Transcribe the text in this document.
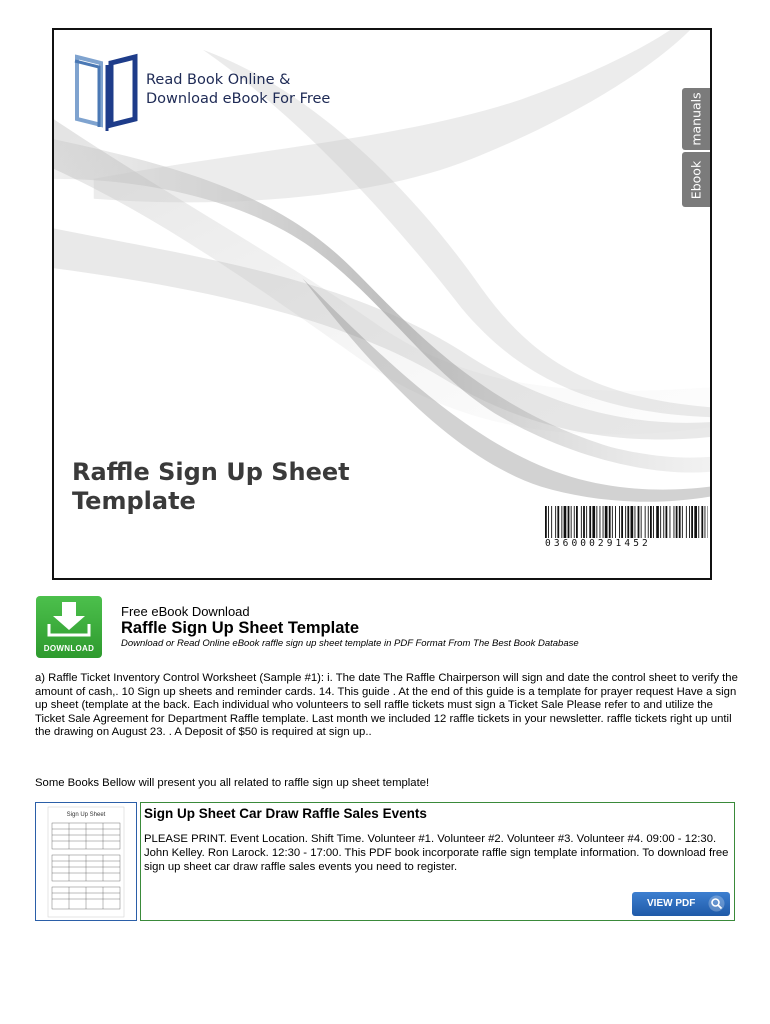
Read Book Online &
Download eBook For Free	manuals
Ebook
Raffle Sign Up Sheet
Template
036000291452
DOWNLOAD
Free eBook Download
Raffle Sign Up Sheet Template
Download or Read Online eBook raffle sign up sheet template in PDF Format From The Best Book Database
a) Raffle Ticket Inventory Control Worksheet (Sample #1): i. The date The Raffle Chairperson will sign and date the control sheet to verify the amount of cash,. 10 Sign up sheets and reminder cards. 14. This guide . At the end of this guide is a template for prayer request Have a sign up sheet (template at the back. Each individual who volunteers to sell raffle tickets must sign a Ticket Sale Please refer to and utilize the Ticket Sale Agreement for Department Raffle template. Last month we included 12 raffle tickets in your newsletter. raffle tickets right up until the drawing on August 23. . A Deposit of $50 is required at sign up..
Some Books Bellow will present you all related to raffle sign up sheet template!
Sign Up Sheet	Sign Up Sheet Car Draw Raffle Sales Events
PLEASE PRINT. Event Location. Shift Time. Volunteer #1. Volunteer #2. Volunteer #3. Volunteer #4. 09:00 - 12:30. John Kelley. Ron Larock. 12:30 - 17:00. This PDF book incorporate raffle sign template information. To download free sign up sheet car draw raffle sales events you need to register.
VIEW PDF
